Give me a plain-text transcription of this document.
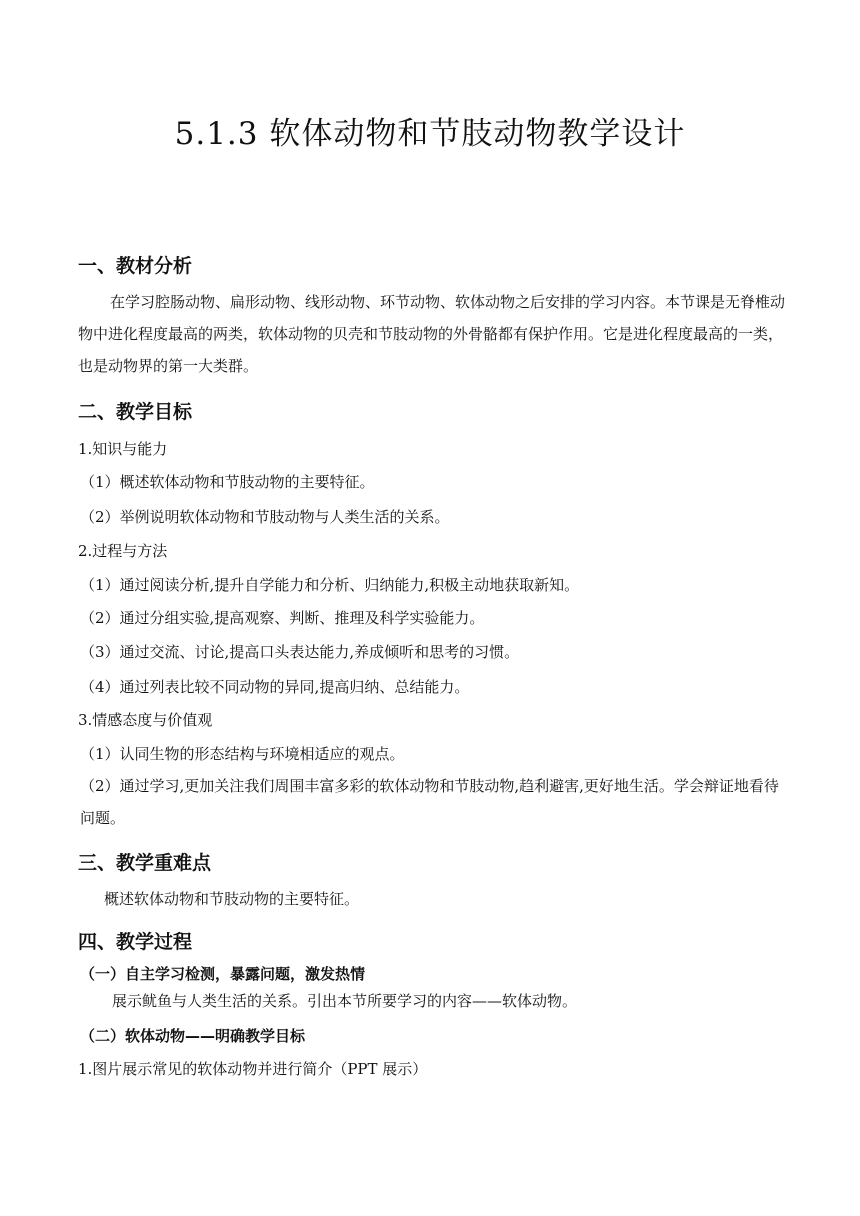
5.1.3 软体动物和节肢动物教学设计
一、教材分析

在学习腔肠动物、扁形动物、线形动物、环节动物、软体动物之后安排的学习内容。本节课是无脊椎动物中进化程度最高的两类，软体动物的贝壳和节肢动物的外骨骼都有保护作用。它是进化程度最高的一类，也是动物界的第一大类群。

二、教学目标

1.知识与能力

（1）概述软体动物和节肢动物的主要特征。

（2）举例说明软体动物和节肢动物与人类生活的关系。

2.过程与方法

（1）通过阅读分析,提升自学能力和分析、归纳能力,积极主动地获取新知。

（2）通过分组实验,提高观察、判断、推理及科学实验能力。

（3）通过交流、讨论,提高口头表达能力,养成倾听和思考的习惯。

（4）通过列表比较不同动物的异同,提高归纳、总结能力。

3.情感态度与价值观

（1）认同生物的形态结构与环境相适应的观点。

（2）通过学习,更加关注我们周围丰富多彩的软体动物和节肢动物,趋利避害,更好地生活。学会辩证地看待问题。

三、教学重难点

概述软体动物和节肢动物的主要特征。

四、教学过程
（一）自主学习检测，暴露问题，激发热情

展示鱿鱼与人类生活的关系。引出本节所要学习的内容——软体动物。

（二）软体动物——明确教学目标

1.图片展示常见的软体动物并进行简介（PPT 展示）
